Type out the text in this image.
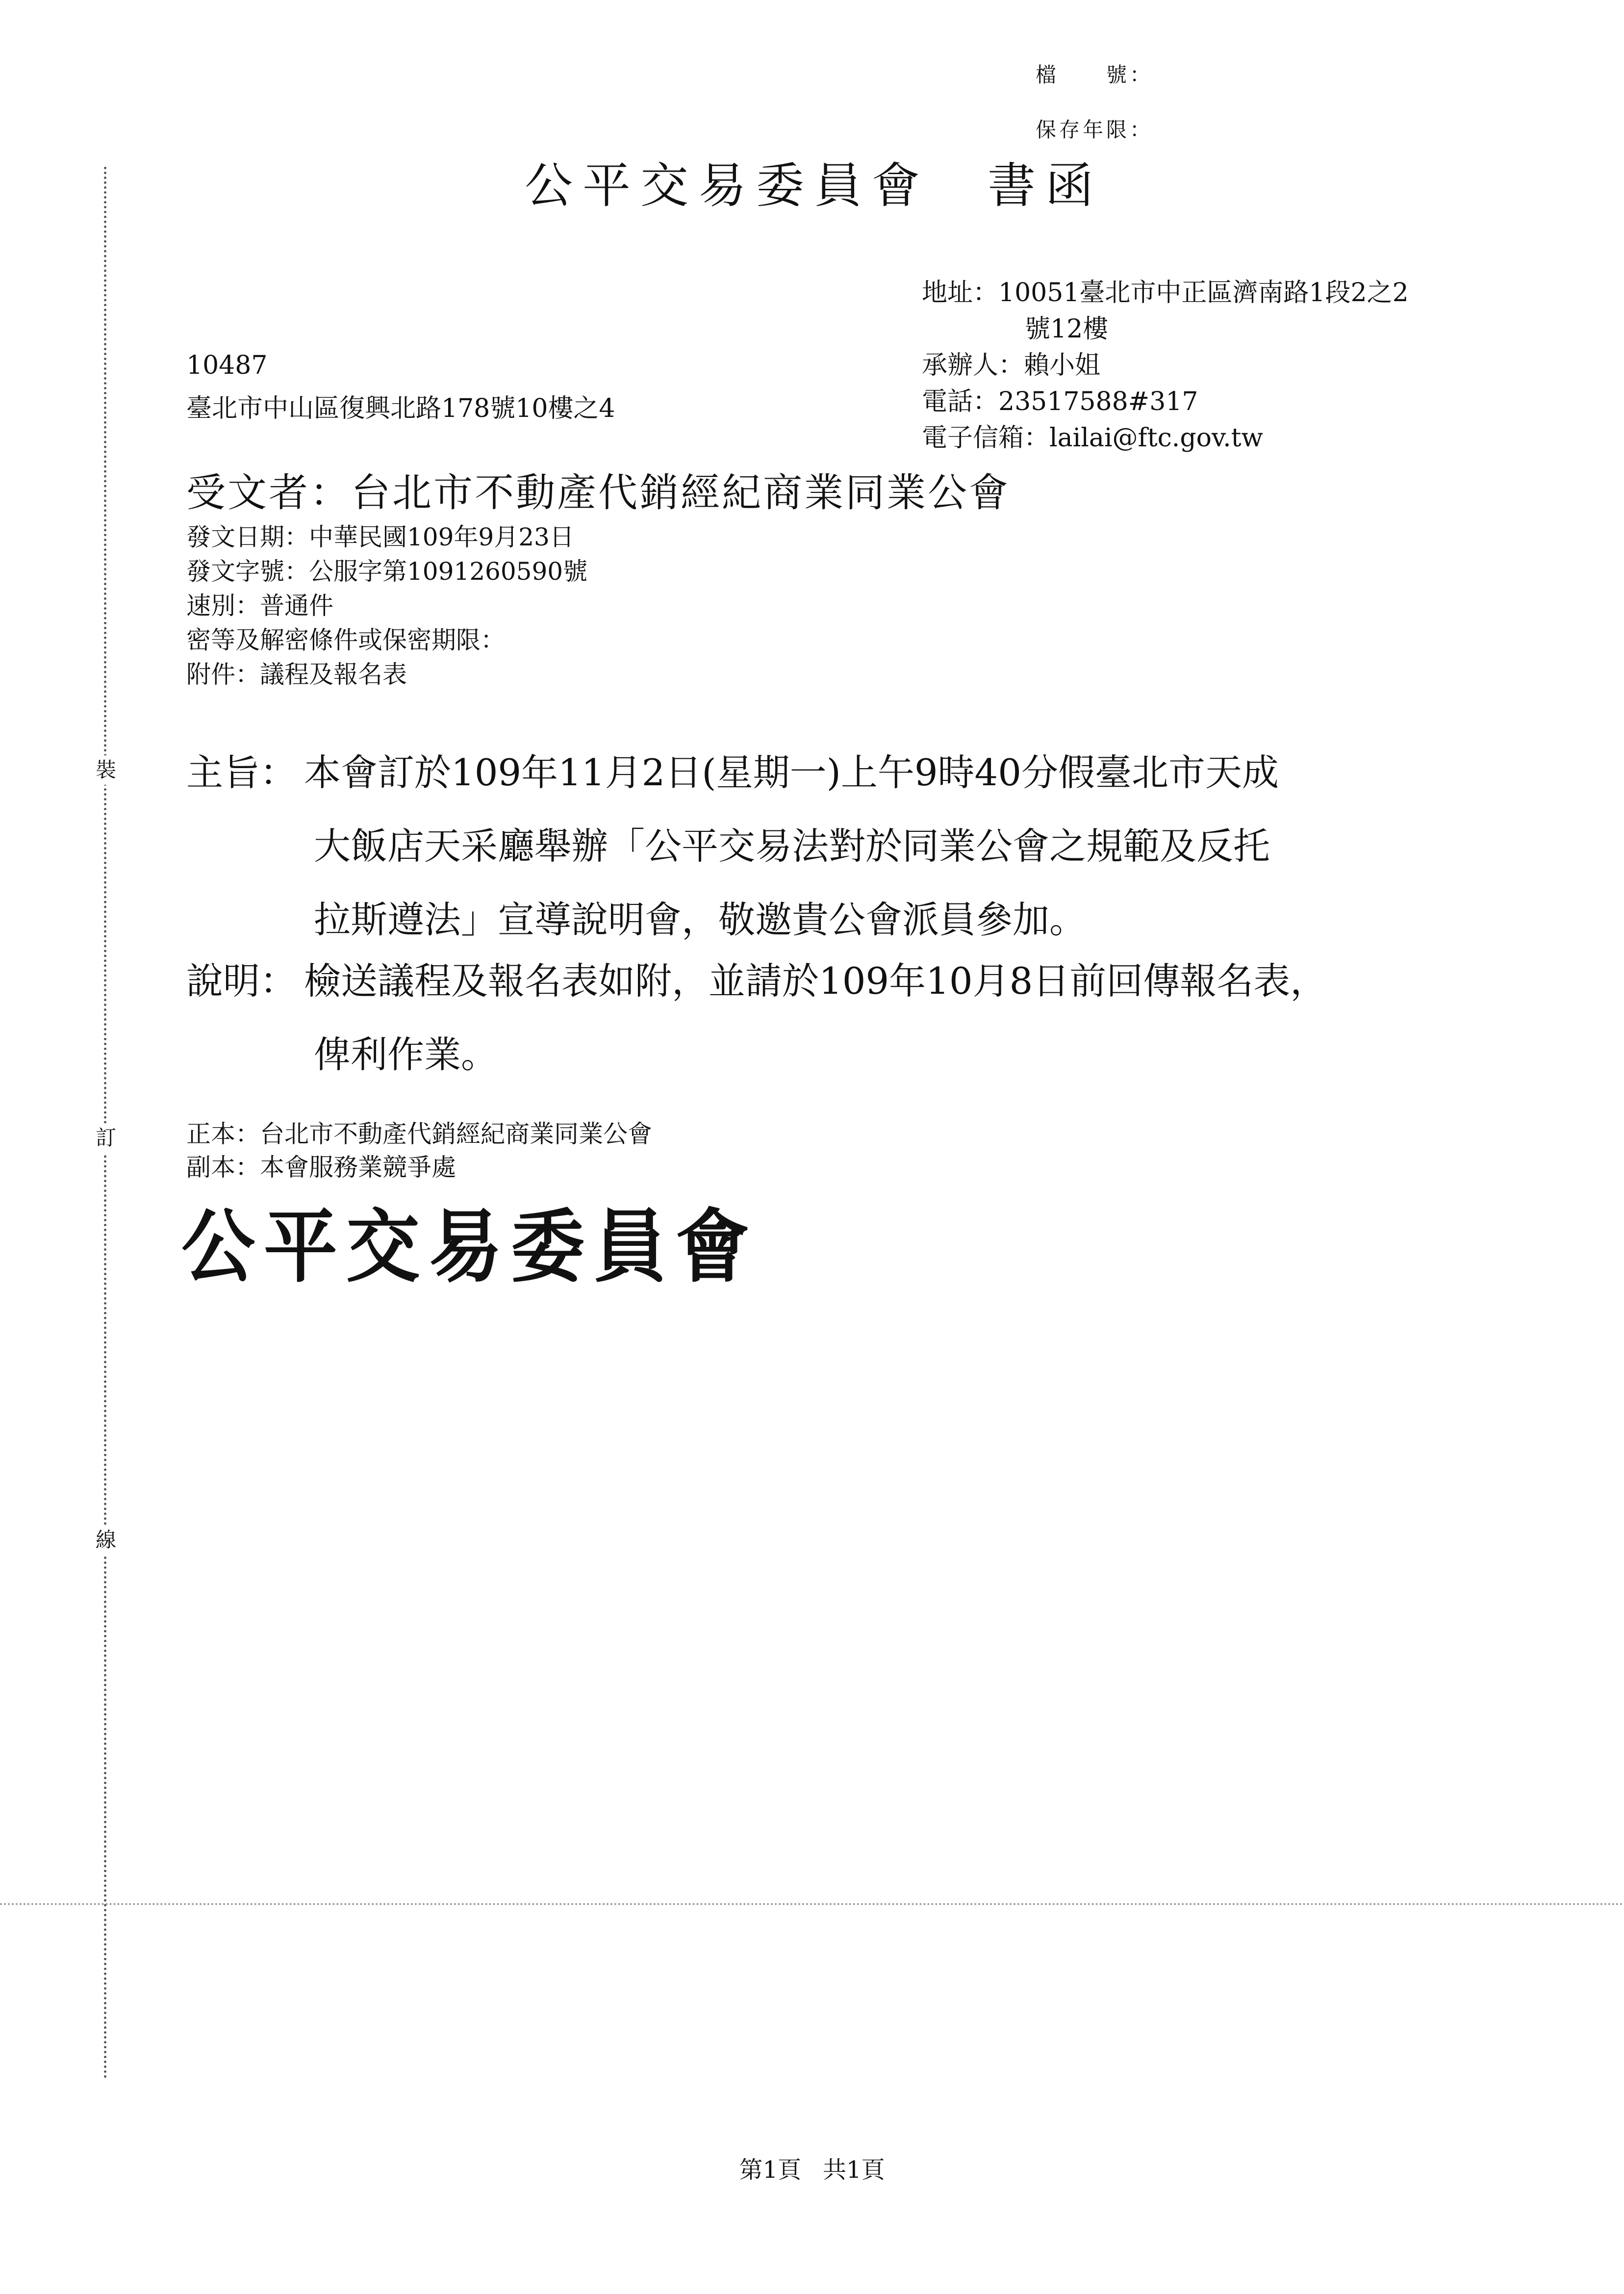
裝
訂
線
檔　　號：
保存年限：
公平交易委員會　書函
地址：10051臺北市中正區濟南路1段2之2
號12樓
承辦人：賴小姐
電話：23517588#317
電子信箱：lailai@ftc.gov.tw
10487
臺北市中山區復興北路178號10樓之4
受文者：台北市不動產代銷經紀商業同業公會
發文日期：中華民國109年9月23日
發文字號：公服字第1091260590號
速別：普通件
密等及解密條件或保密期限：
附件：議程及報名表
主旨： 本會訂於109年11月2日(星期一)上午9時40分假臺北市天成
大飯店天采廳舉辦「公平交易法對於同業公會之規範及反托
拉斯遵法」宣導說明會，敬邀貴公會派員參加。
說明： 檢送議程及報名表如附，並請於109年10月8日前回傳報名表，
俾利作業。
正本：台北市不動產代銷經紀商業同業公會
副本：本會服務業競爭處
公平交易委員會
第1頁 共1頁
